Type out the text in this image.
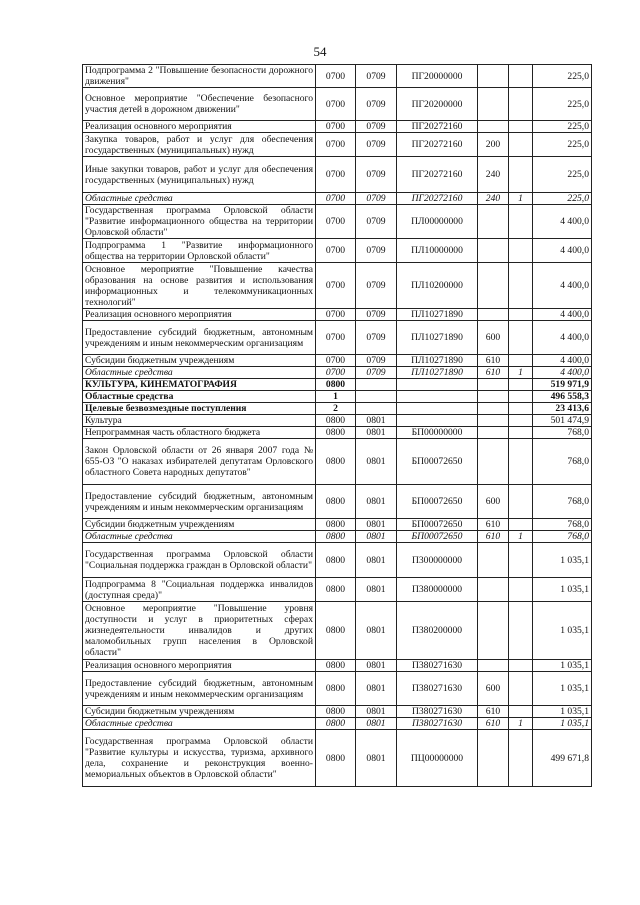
54
Подпрограмма 2 "Повышение безопасности дорожного движения"	0700	0709	ПГ20000000			225,0
Основное мероприятие "Обеспечение безопасного участия детей в дорожном движении"	0700	0709	ПГ20200000			225,0
Реализация основного мероприятия	0700	0709	ПГ20272160			225,0
Закупка товаров, работ и услуг для обеспечения государственных (муниципальных) нужд	0700	0709	ПГ20272160	200		225,0
Иные закупки товаров, работ и услуг для обеспечения государственных (муниципальных) нужд	0700	0709	ПГ20272160	240		225,0
Областные средства	0700	0709	ПГ20272160	240	1	225,0
Государственная программа Орловской области "Развитие информационного общества на территории Орловской области"	0700	0709	ПЛ00000000			4 400,0
Подпрограмма 1 "Развитие информационного общества на территории Орловской области"	0700	0709	ПЛ10000000			4 400,0
Основное мероприятие "Повышение качества образования на основе развития и использования информационных и телекоммуникационных технологий"	0700	0709	ПЛ10200000			4 400,0
Реализация основного мероприятия	0700	0709	ПЛ10271890			4 400,0
Предоставление субсидий бюджетным, автономным учреждениям и иным некоммерческим организациям	0700	0709	ПЛ10271890	600		4 400,0
Субсидии бюджетным учреждениям	0700	0709	ПЛ10271890	610		4 400,0
Областные средства	0700	0709	ПЛ10271890	610	1	4 400,0
КУЛЬТУРА, КИНЕМАТОГРАФИЯ	0800					519 971,9
Областные средства	1					496 558,3
Целевые безвозмездные поступления	2					23 413,6
Культура	0800	0801				501 474,9
Непрограммная часть областного бюджета	0800	0801	БП00000000			768,0
Закон Орловской области от 26 января 2007 года № 655-ОЗ "О наказах избирателей депутатам Орловского областного Совета народных депутатов"	0800	0801	БП00072650			768,0
Предоставление субсидий бюджетным, автономным учреждениям и иным некоммерческим организациям	0800	0801	БП00072650	600		768,0
Субсидии бюджетным учреждениям	0800	0801	БП00072650	610		768,0
Областные средства	0800	0801	БП00072650	610	1	768,0
Государственная программа Орловской области "Социальная поддержка граждан в Орловской области"	0800	0801	П300000000			1 035,1
Подпрограмма 8 "Социальная поддержка инвалидов (доступная среда)"	0800	0801	П380000000			1 035,1
Основное мероприятие "Повышение уровня доступности и услуг в приоритетных сферах жизнедеятельности инвалидов и других маломобильных групп населения в Орловской области"	0800	0801	П380200000			1 035,1
Реализация основного мероприятия	0800	0801	П380271630			1 035,1
Предоставление субсидий бюджетным, автономным учреждениям и иным некоммерческим организациям	0800	0801	П380271630	600		1 035,1
Субсидии бюджетным учреждениям	0800	0801	П380271630	610		1 035,1
Областные средства	0800	0801	П380271630	610	1	1 035,1
Государственная программа Орловской области "Развитие культуры и искусства, туризма, архивного дела, сохранение и реконструкция военно-мемориальных объектов в Орловской области"	0800	0801	ПЦ00000000			499 671,8
